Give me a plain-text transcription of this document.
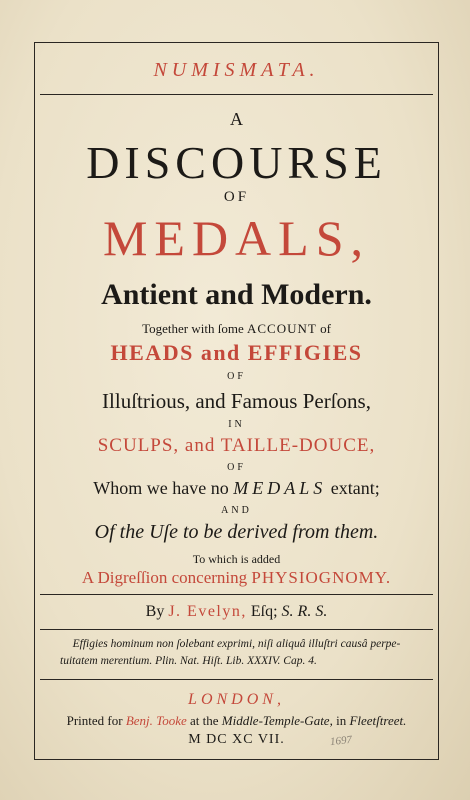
NUMISMATA.
A
DISCOURSE
OF
MEDALS,
Antient and Modern.
Together with ſome ACCOUNT of
HEADS and EFFIGIES
OF
Illuſtrious, and Famous Perſons,
IN
SCULPS, and TAILLE-DOUCE,
OF
Whom we have no MEDALS extant;
AND
Of the Uſe to be derived from them.
To which is added
A Digreſſion concerning PHYSIOGNOMY.
By J. Evelyn, Eſq; S. R. S.
Effigies hominum non ſolebant exprimi, niſi aliquâ illuſtri causâ perpe-
tuitatem merentium. Plin. Nat. Hiſt. Lib. XXXIV. Cap. 4.
LONDON,
Printed for Benj. Tooke at the Middle-Temple-Gate, in Fleetſtreet.
M DC XC VII.	1697
